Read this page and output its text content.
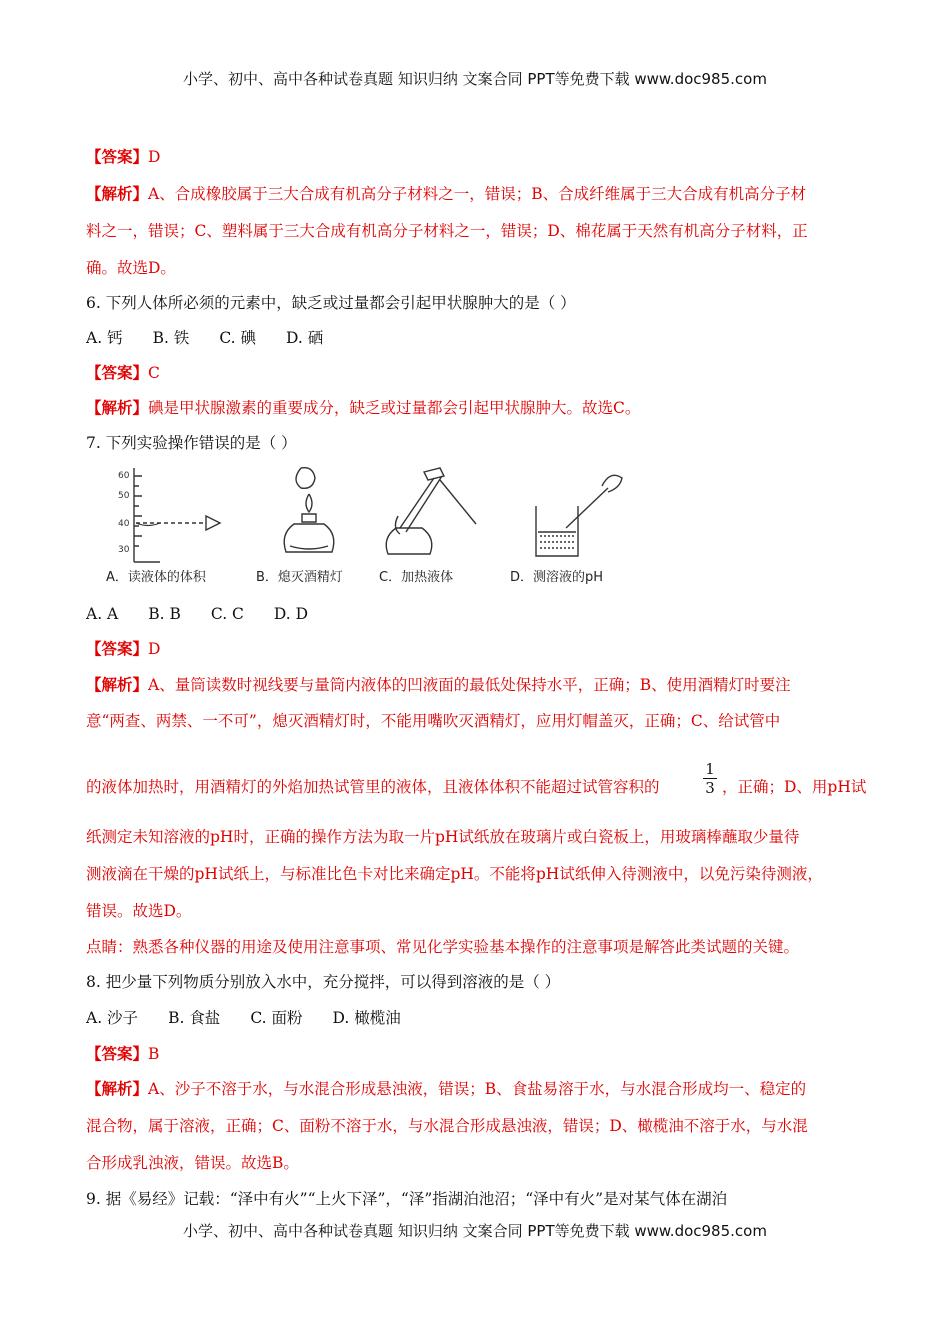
小学、初中、高中各种试卷真题 知识归纳 文案合同 PPT等免费下载 www.doc985.com
【答案】D
【解析】A、合成橡胶属于三大合成有机高分子材料之一，错误；B、合成纤维属于三大合成有机高分子材
料之一，错误；C、塑料属于三大合成有机高分子材料之一，错误；D、棉花属于天然有机高分子材料，正
确。故选D。
6. 下列人体所必须的元素中，缺乏或过量都会引起甲状腺肿大的是（ ）
A. 钙 B. 铁 C. 碘 D. 硒
【答案】C
【解析】碘是甲状腺激素的重要成分，缺乏或过量都会引起甲状腺肿大。故选C。
7. 下列实验操作错误的是（ ）
60
50
40
30
A．读液体的体积	B．熄灭酒精灯	C．加热液体	D．测溶液的pH
A. A B. B C. C D. D
【答案】D
【解析】A、量筒读数时视线要与量筒内液体的凹液面的最低处保持水平，正确；B、使用酒精灯时要注
意“两查、两禁、一不可”，熄灭酒精灯时，不能用嘴吹灭酒精灯，应用灯帽盖灭，正确；C、给试管中
的液体加热时，用酒精灯的外焰加热试管里的液体，且液体体积不能超过试管容积的	$\frac{1}{3}$ ，正确；D、用pH试
纸测定未知溶液的pH时，正确的操作方法为取一片pH试纸放在玻璃片或白瓷板上，用玻璃棒蘸取少量待
测液滴在干燥的pH试纸上，与标准比色卡对比来确定pH。不能将pH试纸伸入待测液中，以免污染待测液，
错误。故选D。
点睛：熟悉各种仪器的用途及使用注意事项、常见化学实验基本操作的注意事项是解答此类试题的关键。
8. 把少量下列物质分别放入水中，充分搅拌，可以得到溶液的是（ ）
A. 沙子 B. 食盐 C. 面粉 D. 橄榄油
【答案】B
【解析】A、沙子不溶于水，与水混合形成悬浊液，错误；B、食盐易溶于水，与水混合形成均一、稳定的
混合物，属于溶液，正确；C、面粉不溶于水，与水混合形成悬浊液，错误；D、橄榄油不溶于水，与水混
合形成乳浊液，错误。故选B。
9. 据《易经》记载：“泽中有火”“上火下泽”，“泽”指湖泊池沼；“泽中有火”是对某气体在湖泊
小学、初中、高中各种试卷真题 知识归纳 文案合同 PPT等免费下载 www.doc985.com
